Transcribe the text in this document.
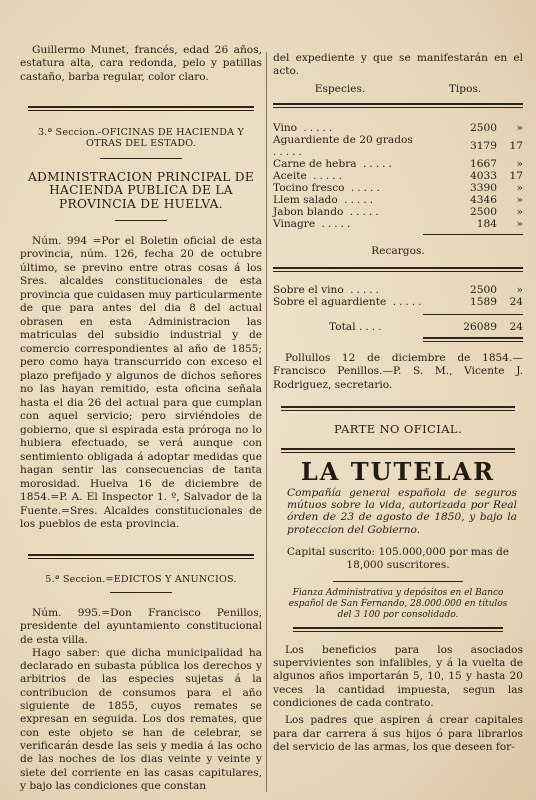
Guillermo Munet, francés, edad 26 años, estatura alta, cara redonda, pelo y patillas castaño, barba regular, color claro.

3.ª Seccion.-OFICINAS DE HACIENDA Y OTRAS DEL ESTADO.

ADMINISTRACION PRINCIPAL DE HACIENDA PUBLICA DE LA PROVINCIA DE HUELVA.

Núm. 994 =Por el Boletin oficial de esta provincia, núm. 126, fecha 20 de octubre último, se previno entre otras cosas á los Sres. alcaldes constitucionales de esta provincia que cuidasen muy particularmente de que para antes del dia 8 del actual obrasen en esta Administracion las matriculas del subsidio industrial y de comercio correspondientes al año de 1855; pero como haya transcurrido con exceso el plazo prefijado y algunos de dichos señores no las hayan remitido, esta oficina señala hasta el dia 26 del actual para que cumplan con aquel servicio; pero sirviéndoles de gobierno, que si espirada esta próroga no lo hubiera efectuado, se verá aunque con sentimiento obligada á adoptar medidas que hagan sentir las consecuencias de tanta morosidad. Huelva 16 de diciembre de 1854.=P. A. El Inspector 1. º, Salvador de la Fuente.=Sres. Alcaldes constitucionales de los pueblos de esta provincia.

5.ª Seccion.=EDICTOS Y ANUNCIOS.

Núm. 995.=Don Francisco Penillos, presidente del ayuntamiento constitucional de esta villa.

Hago saber: que dicha municipalidad ha declarado en subasta pública los derechos y arbitrios de las especies sujetas á la contribucion de consumos para el año siguiente de 1855, cuyos remates se expresan en seguida. Los dos remates, que con este objeto se han de celebrar, se verificarán desde las seis y media á las ocho de las noches de los dias veinte y veinte y siete del corriente en las casas capitulares, y bajo las condiciones que constan

del expediente y que se manifestarán en el acto.

Especies.	Tipos.
Vino .....	2500	»
Aguardiente de 20 grados .....	3179	17
Carne de hebra .....	1667	»
Aceite .....	4033	17
Tocino fresco .....	3390	»
Llem salado .....	4346	»
Jabon blando .....	2500	»
Vinagre .....	184	»

Recargos.

Sobre el vino .....	2500	»
Sobre el aguardiente .....	1589	24
Total ....	26089	24

Pollullos 12 de diciembre de 1854.—Francisco Penillos.—P. S. M., Vicente J. Rodriguez, secretario.

PARTE NO OFICIAL.

LA TUTELAR

Compañía general española de seguros mútuos sobre la vida, autorizada por Real órden de 23 de agosto de 1850, y bajo la proteccion del Gobierno.

Capital suscrito: 105.000,000 por mas de 18,000 suscritores.

Fianza Administrativa y depósitos en el Banco español de San Fernando, 28.000.000 en títulos del 3 100 por consolidado.

Los beneficios para los asociados supervivientes son infalibles, y á la vuelta de algunos años importarán 5, 10, 15 y hasta 20 veces la cantidad impuesta, segun las condiciones de cada contrato.

Los padres que aspiren á crear capitales para dar carrera á sus hijos ó para librarlos del servicio de las armas, los que deseen for-
